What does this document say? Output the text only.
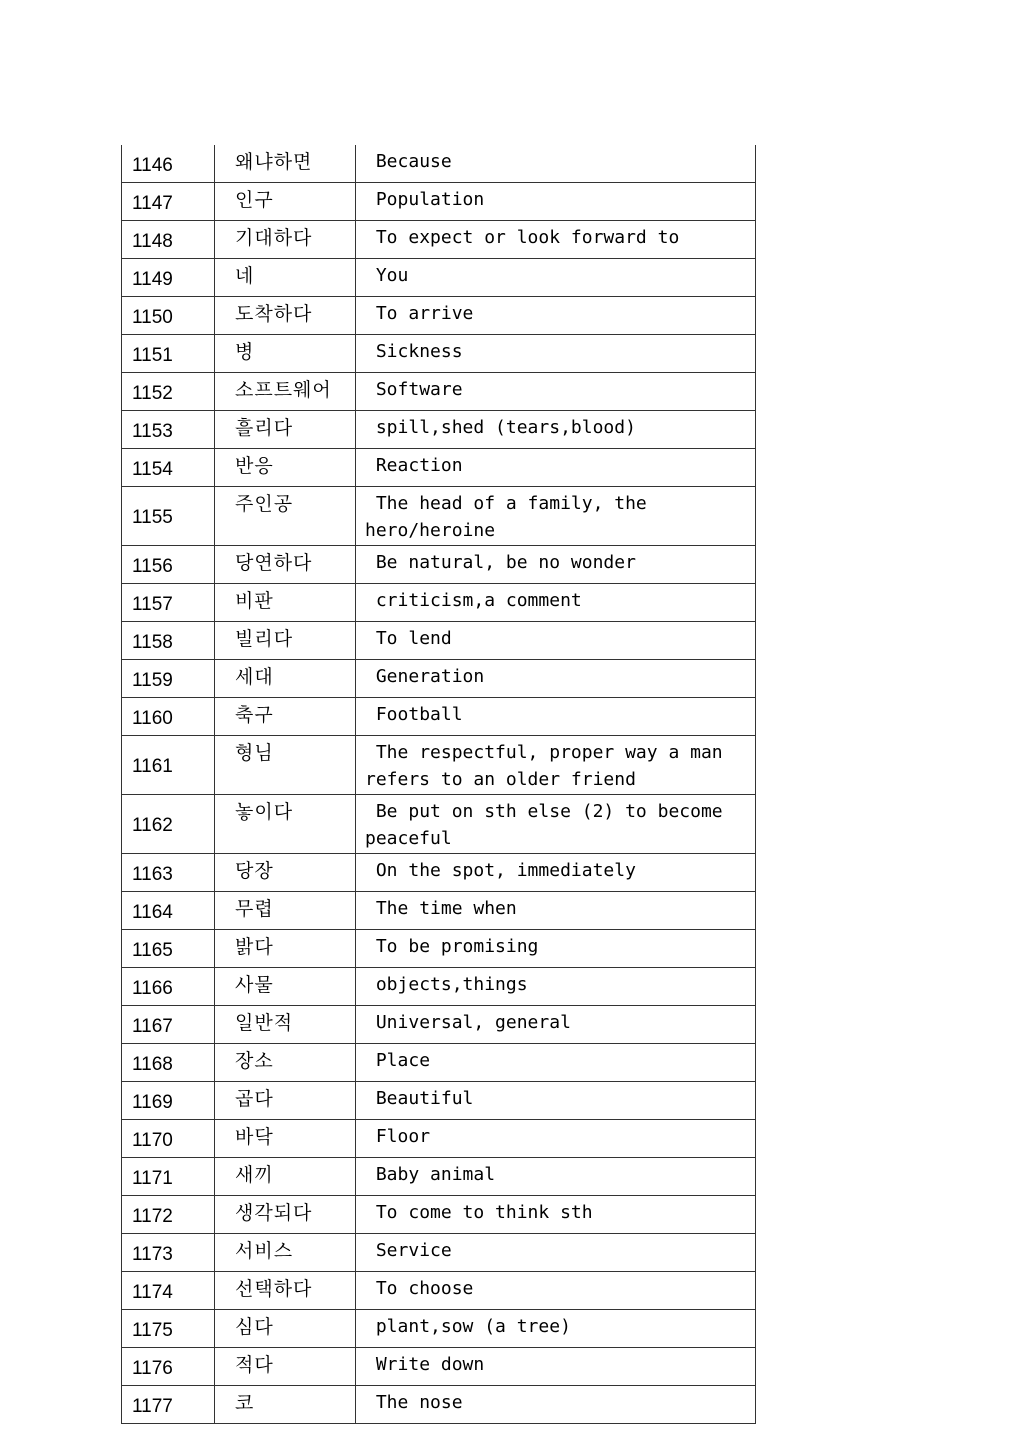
1146	왜냐하면	Because
1147	인구	Population
1148	기대하다	To expect or look forward to
1149	네	You
1150	도착하다	To arrive
1151	병	Sickness
1152	소프트웨어	Software
1153	흘리다	spill,shed (tears,blood)
1154	반응	Reaction
1155	주인공	The head of a family, the
hero/heroine
1156	당연하다	Be natural, be no wonder
1157	비판	criticism,a comment
1158	빌리다	To lend
1159	세대	Generation
1160	축구	Football
1161	형님	The respectful, proper way a man
refers to an older friend
1162	놓이다	Be put on sth else (2) to become
peaceful
1163	당장	On the spot, immediately
1164	무렵	The time when
1165	밝다	To be promising
1166	사물	objects,things
1167	일반적	Universal, general
1168	장소	Place
1169	곱다	Beautiful
1170	바닥	Floor
1171	새끼	Baby animal
1172	생각되다	To come to think sth
1173	서비스	Service
1174	선택하다	To choose
1175	심다	plant,sow (a tree)
1176	적다	Write down
1177	코	The nose
